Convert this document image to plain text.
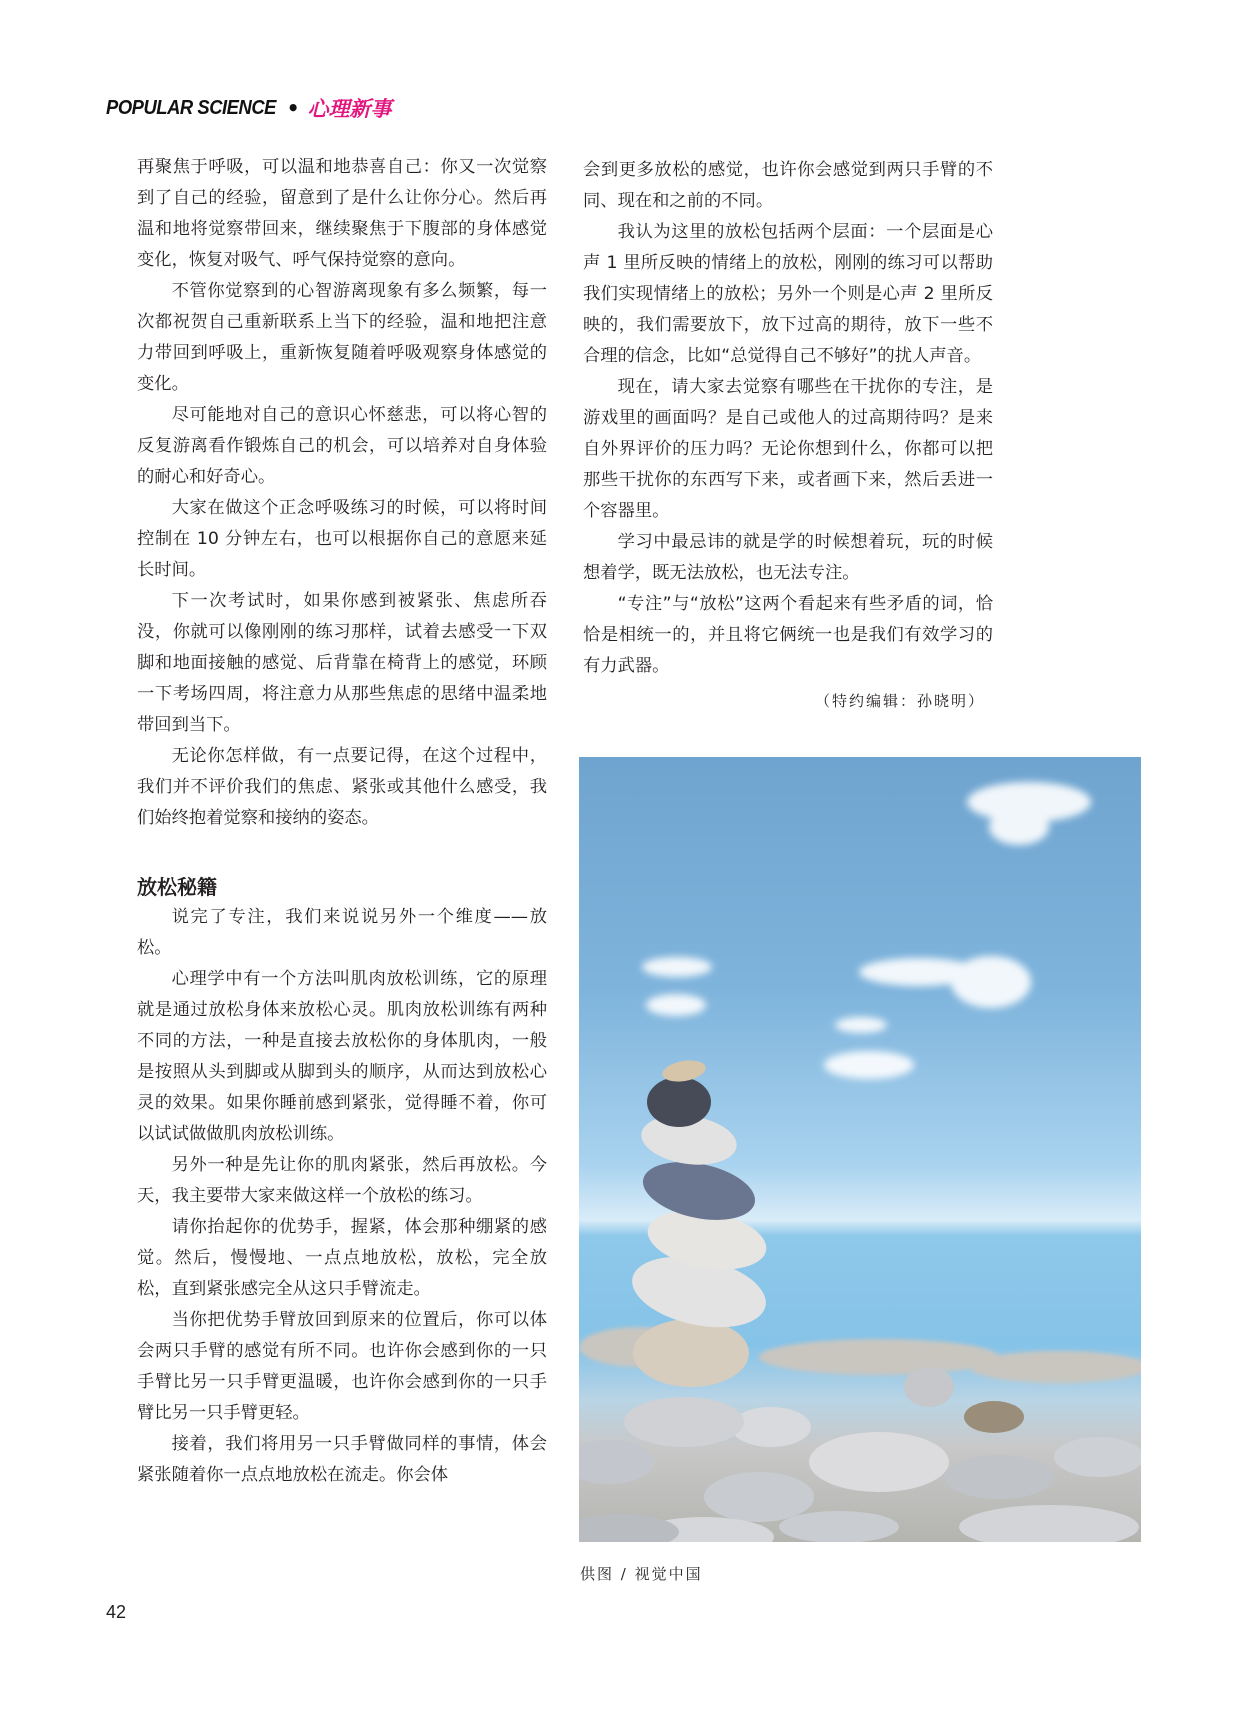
POPULAR SCIENCE • 心理新事

再聚焦于呼吸，可以温和地恭喜自己：你又一次觉察到了自己的经验，留意到了是什么让你分心。然后再温和地将觉察带回来，继续聚焦于下腹部的身体感觉变化，恢复对吸气、呼气保持觉察的意向。

不管你觉察到的心智游离现象有多么频繁，每一次都祝贺自己重新联系上当下的经验，温和地把注意力带回到呼吸上，重新恢复随着呼吸观察身体感觉的变化。

尽可能地对自己的意识心怀慈悲，可以将心智的反复游离看作锻炼自己的机会，可以培养对自身体验的耐心和好奇心。

大家在做这个正念呼吸练习的时候，可以将时间控制在 10 分钟左右，也可以根据你自己的意愿来延长时间。

下一次考试时，如果你感到被紧张、焦虑所吞没，你就可以像刚刚的练习那样，试着去感受一下双脚和地面接触的感觉、后背靠在椅背上的感觉，环顾一下考场四周，将注意力从那些焦虑的思绪中温柔地带回到当下。

无论你怎样做，有一点要记得，在这个过程中，我们并不评价我们的焦虑、紧张或其他什么感受，我们始终抱着觉察和接纳的姿态。

放松秘籍

说完了专注，我们来说说另外一个维度——放松。

心理学中有一个方法叫肌肉放松训练，它的原理就是通过放松身体来放松心灵。肌肉放松训练有两种不同的方法，一种是直接去放松你的身体肌肉，一般是按照从头到脚或从脚到头的顺序，从而达到放松心灵的效果。如果你睡前感到紧张，觉得睡不着，你可以试试做做肌肉放松训练。

另外一种是先让你的肌肉紧张，然后再放松。今天，我主要带大家来做这样一个放松的练习。

请你抬起你的优势手，握紧，体会那种绷紧的感觉。然后，慢慢地、一点点地放松，放松，完全放松，直到紧张感完全从这只手臂流走。

当你把优势手臂放回到原来的位置后，你可以体会两只手臂的感觉有所不同。也许你会感到你的一只手臂比另一只手臂更温暖，也许你会感到你的一只手臂比另一只手臂更轻。

接着，我们将用另一只手臂做同样的事情，体会紧张随着你一点点地放松在流走。你会体

会到更多放松的感觉，也许你会感觉到两只手臂的不同、现在和之前的不同。

我认为这里的放松包括两个层面：一个层面是心声 1 里所反映的情绪上的放松，刚刚的练习可以帮助我们实现情绪上的放松；另外一个则是心声 2 里所反映的，我们需要放下，放下过高的期待，放下一些不合理的信念，比如“总觉得自己不够好”的扰人声音。

现在，请大家去觉察有哪些在干扰你的专注，是游戏里的画面吗？是自己或他人的过高期待吗？是来自外界评价的压力吗？无论你想到什么，你都可以把那些干扰你的东西写下来，或者画下来，然后丢进一个容器里。

学习中最忌讳的就是学的时候想着玩，玩的时候想着学，既无法放松，也无法专注。

“专注”与“放松”这两个看起来有些矛盾的词，恰恰是相统一的，并且将它俩统一也是我们有效学习的有力武器。

（特约编辑：孙晓明）
供图 / 视觉中国
42
